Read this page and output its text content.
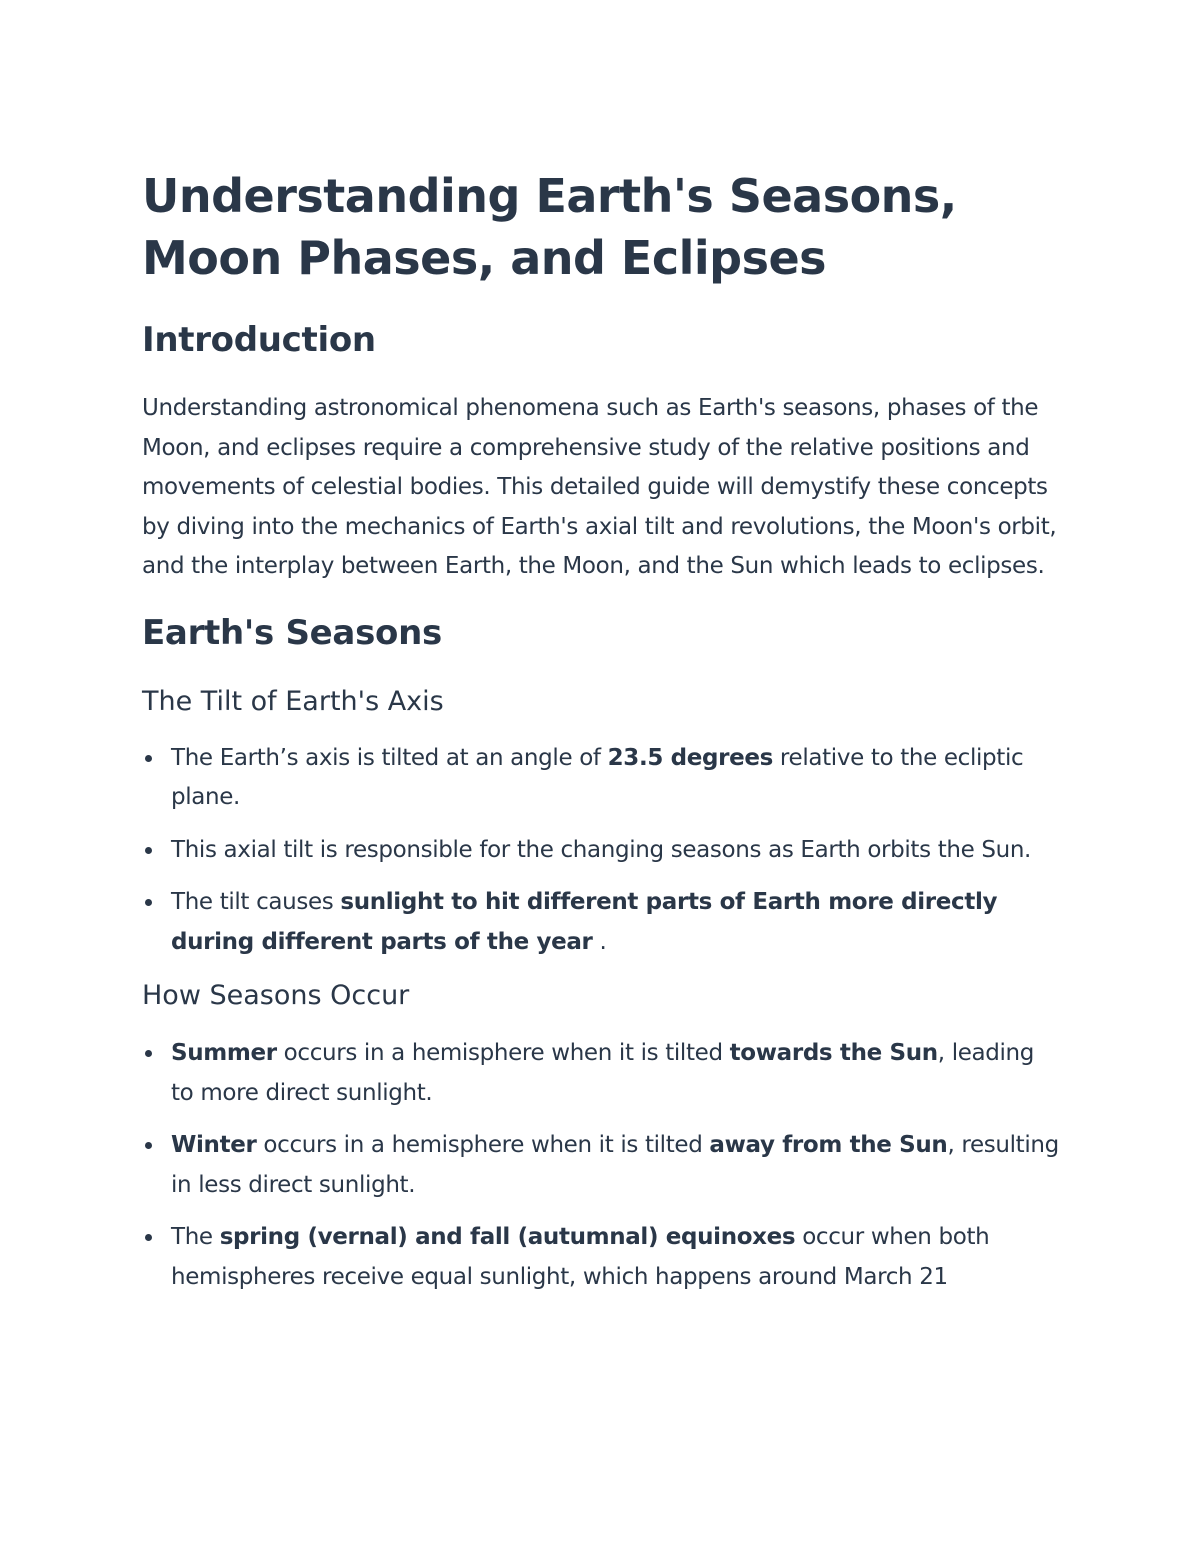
Understanding Earth's Seasons, Moon Phases, and Eclipses
Introduction

Understanding astronomical phenomena such as Earth's seasons, phases of the Moon, and eclipses require a comprehensive study of the relative positions and movements of celestial bodies. This detailed guide will demystify these concepts by diving into the mechanics of Earth's axial tilt and revolutions, the Moon's orbit, and the interplay between Earth, the Moon, and the Sun which leads to eclipses.

Earth's Seasons
The Tilt of Earth's Axis
The Earth’s axis is tilted at an angle of 23.5 degrees relative to the ecliptic plane.
This axial tilt is responsible for the changing seasons as Earth orbits the Sun.
The tilt causes sunlight to hit different parts of Earth more directly during different parts of the year .
How Seasons Occur
Summer occurs in a hemisphere when it is tilted towards the Sun, leading to more direct sunlight.
Winter occurs in a hemisphere when it is tilted away from the Sun, resulting in less direct sunlight.
The spring (vernal) and fall (autumnal) equinoxes occur when both hemispheres receive equal sunlight, which happens around March 21
